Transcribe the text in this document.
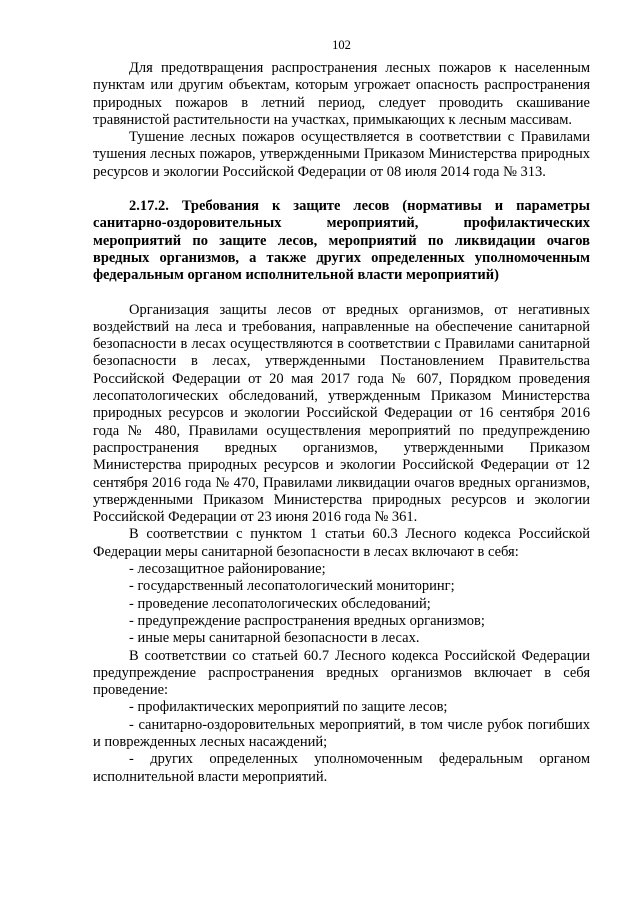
102

Для предотвращения распространения лесных пожаров к населенным пунктам или другим объектам, которым угрожает опасность распространения природных пожаров в летний период, следует проводить скашивание травянистой растительности на участках, примыкающих к лесным массивам.

Тушение лесных пожаров осуществляется в соответствии с Правилами тушения лесных пожаров, утвержденными Приказом Министерства природных ресурсов и экологии Российской Федерации от 08 июля 2014 года № 313.

2.17.2. Требования к защите лесов (нормативы и параметры санитарно-оздоровительных мероприятий, профилактических мероприятий по защите лесов, мероприятий по ликвидации очагов вредных организмов, а также других определенных уполномоченным федеральным органом исполнительной власти мероприятий)

Организация защиты лесов от вредных организмов, от негативных воздействий на леса и требования, направленные на обеспечение санитарной безопасности в лесах осуществляются в соответствии с Правилами санитарной безопасности в лесах, утвержденными Постановлением Правительства Российской Федерации от 20 мая 2017 года № 607, Порядком проведения лесопатологических обследований, утвержденным Приказом Министерства природных ресурсов и экологии Российской Федерации от 16 сентября 2016 года № 480, Правилами осуществления мероприятий по предупреждению распространения вредных организмов, утвержденными Приказом Министерства природных ресурсов и экологии Российской Федерации от 12 сентября 2016 года № 470, Правилами ликвидации очагов вредных организмов, утвержденными Приказом Министерства природных ресурсов и экологии Российской Федерации от 23 июня 2016 года № 361.

В соответствии с пунктом 1 статьи 60.3 Лесного кодекса Российской Федерации меры санитарной безопасности в лесах включают в себя:

- лесозащитное районирование;

- государственный лесопатологический мониторинг;

- проведение лесопатологических обследований;

- предупреждение распространения вредных организмов;

- иные меры санитарной безопасности в лесах.

В соответствии со статьей 60.7 Лесного кодекса Российской Федерации предупреждение распространения вредных организмов включает в себя проведение:

- профилактических мероприятий по защите лесов;

- санитарно-оздоровительных мероприятий, в том числе рубок погибших и поврежденных лесных насаждений;

- других определенных уполномоченным федеральным органом исполнительной власти мероприятий.
